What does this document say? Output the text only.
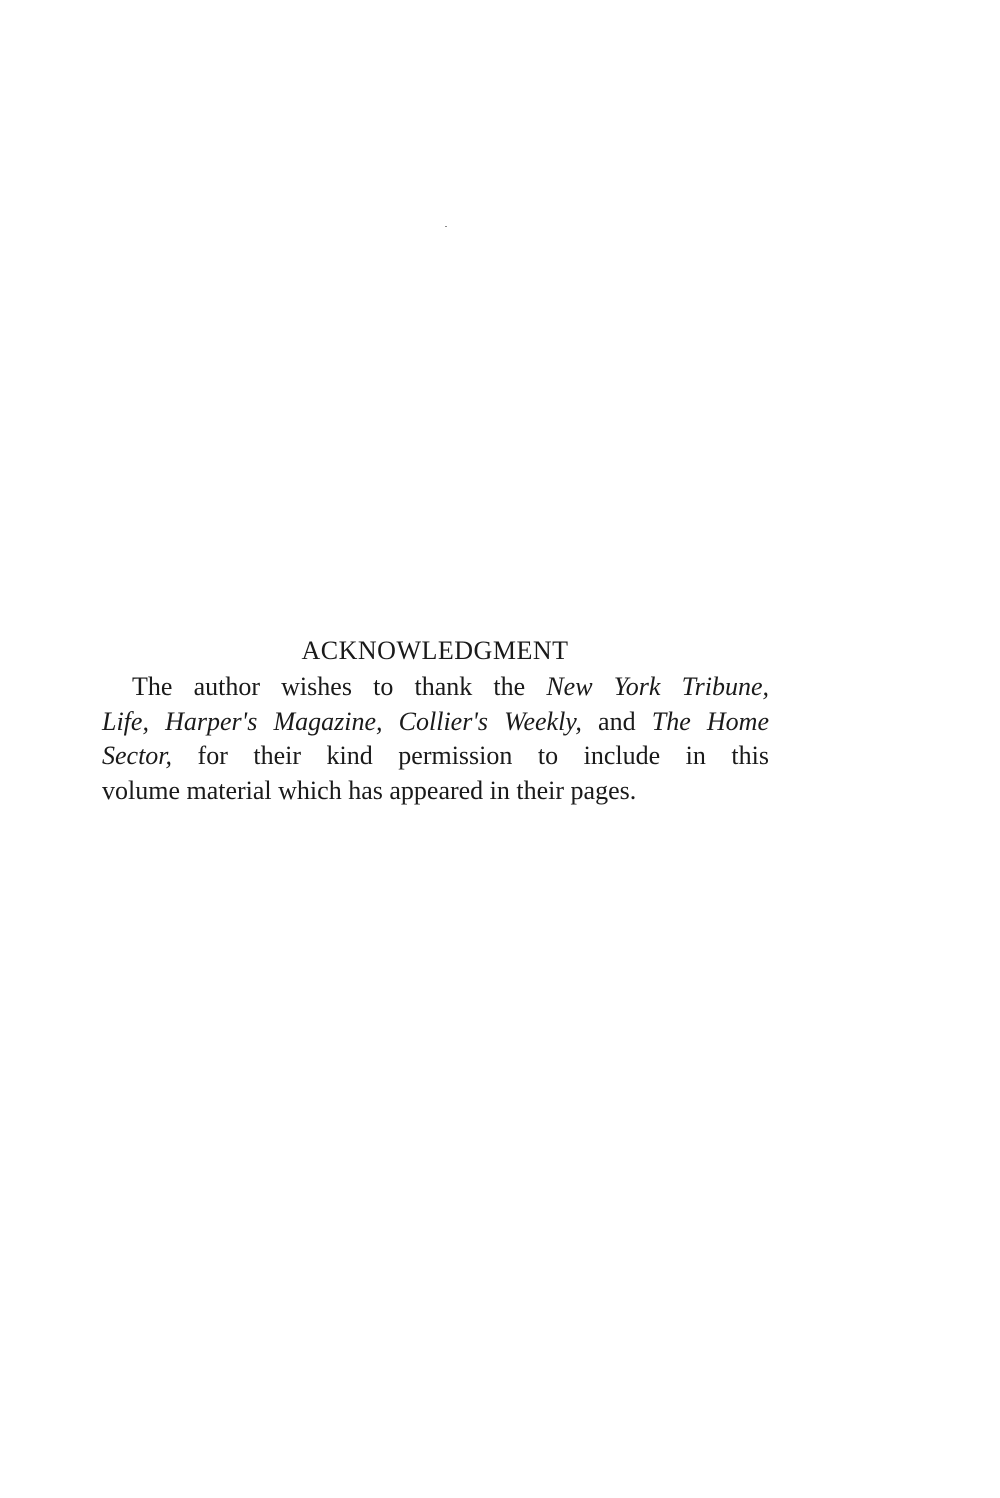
ACKNOWLEDGMENT

The author wishes to thank the New York Tribune,
Life, Harper's Magazine, Collier's Weekly, and The Home
Sector, for their kind permission to include in this
volume material which has appeared in their pages.
